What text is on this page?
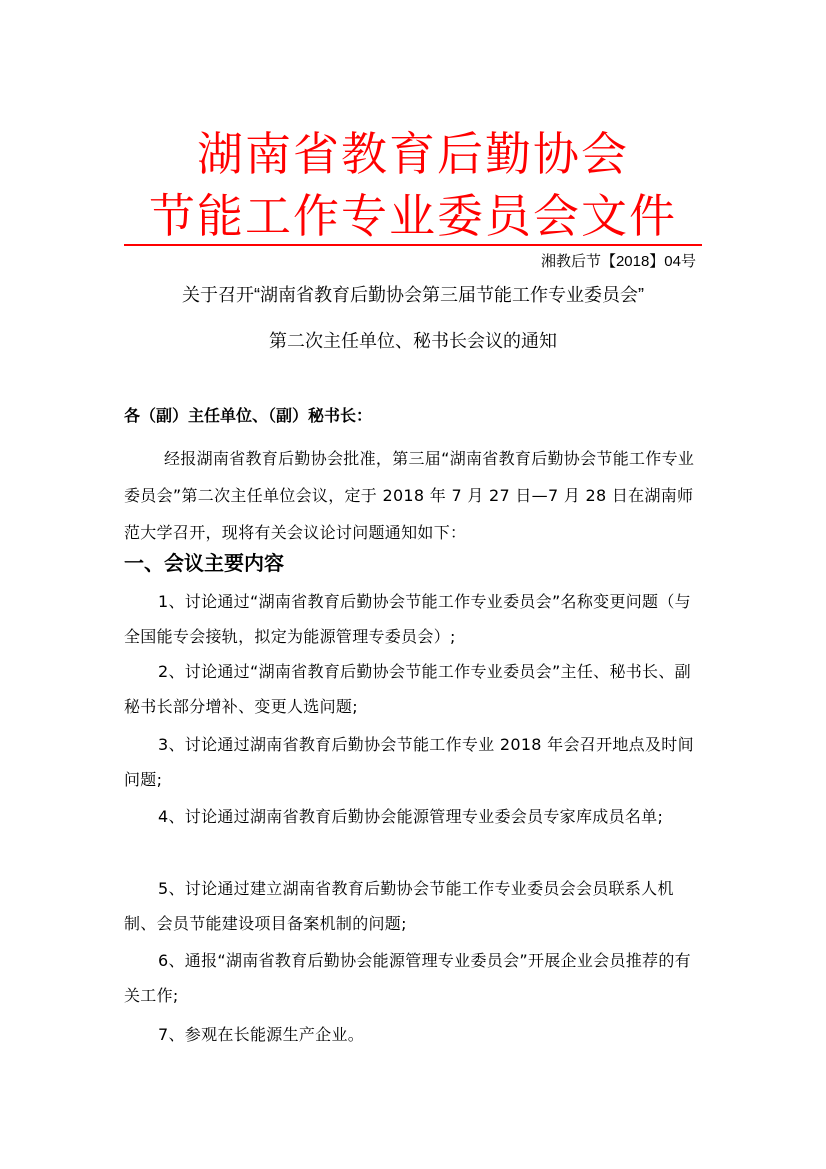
湖南省教育后勤协会
节能工作专业委员会文件
湘教后节【2018】04号
关于召开“湖南省教育后勤协会第三届节能工作专业委员会”
第二次主任单位、秘书长会议的通知
各（副）主任单位、（副）秘书长：
经报湖南省教育后勤协会批准，第三届“湖南省教育后勤协会节能工作专业委员会”第二次主任单位会议，定于 2018 年 7 月 27 日—7 月 28 日在湖南师范大学召开，现将有关会议论讨问题通知如下：
一、会议主要内容
1、讨论通过“湖南省教育后勤协会节能工作专业委员会”名称变更问题（与全国能专会接轨，拟定为能源管理专委员会）;
2、讨论通过“湖南省教育后勤协会节能工作专业委员会”主任、秘书长、副秘书长部分增补、变更人选问题;
3、讨论通过湖南省教育后勤协会节能工作专业 2018 年会召开地点及时间问题;
4、讨论通过湖南省教育后勤协会能源管理专业委会员专家库成员名单;
5、讨论通过建立湖南省教育后勤协会节能工作专业委员会会员联系人机制、会员节能建设项目备案机制的问题;
6、通报“湖南省教育后勤协会能源管理专业委员会”开展企业会员推荐的有关工作;
7、参观在长能源生产企业。
